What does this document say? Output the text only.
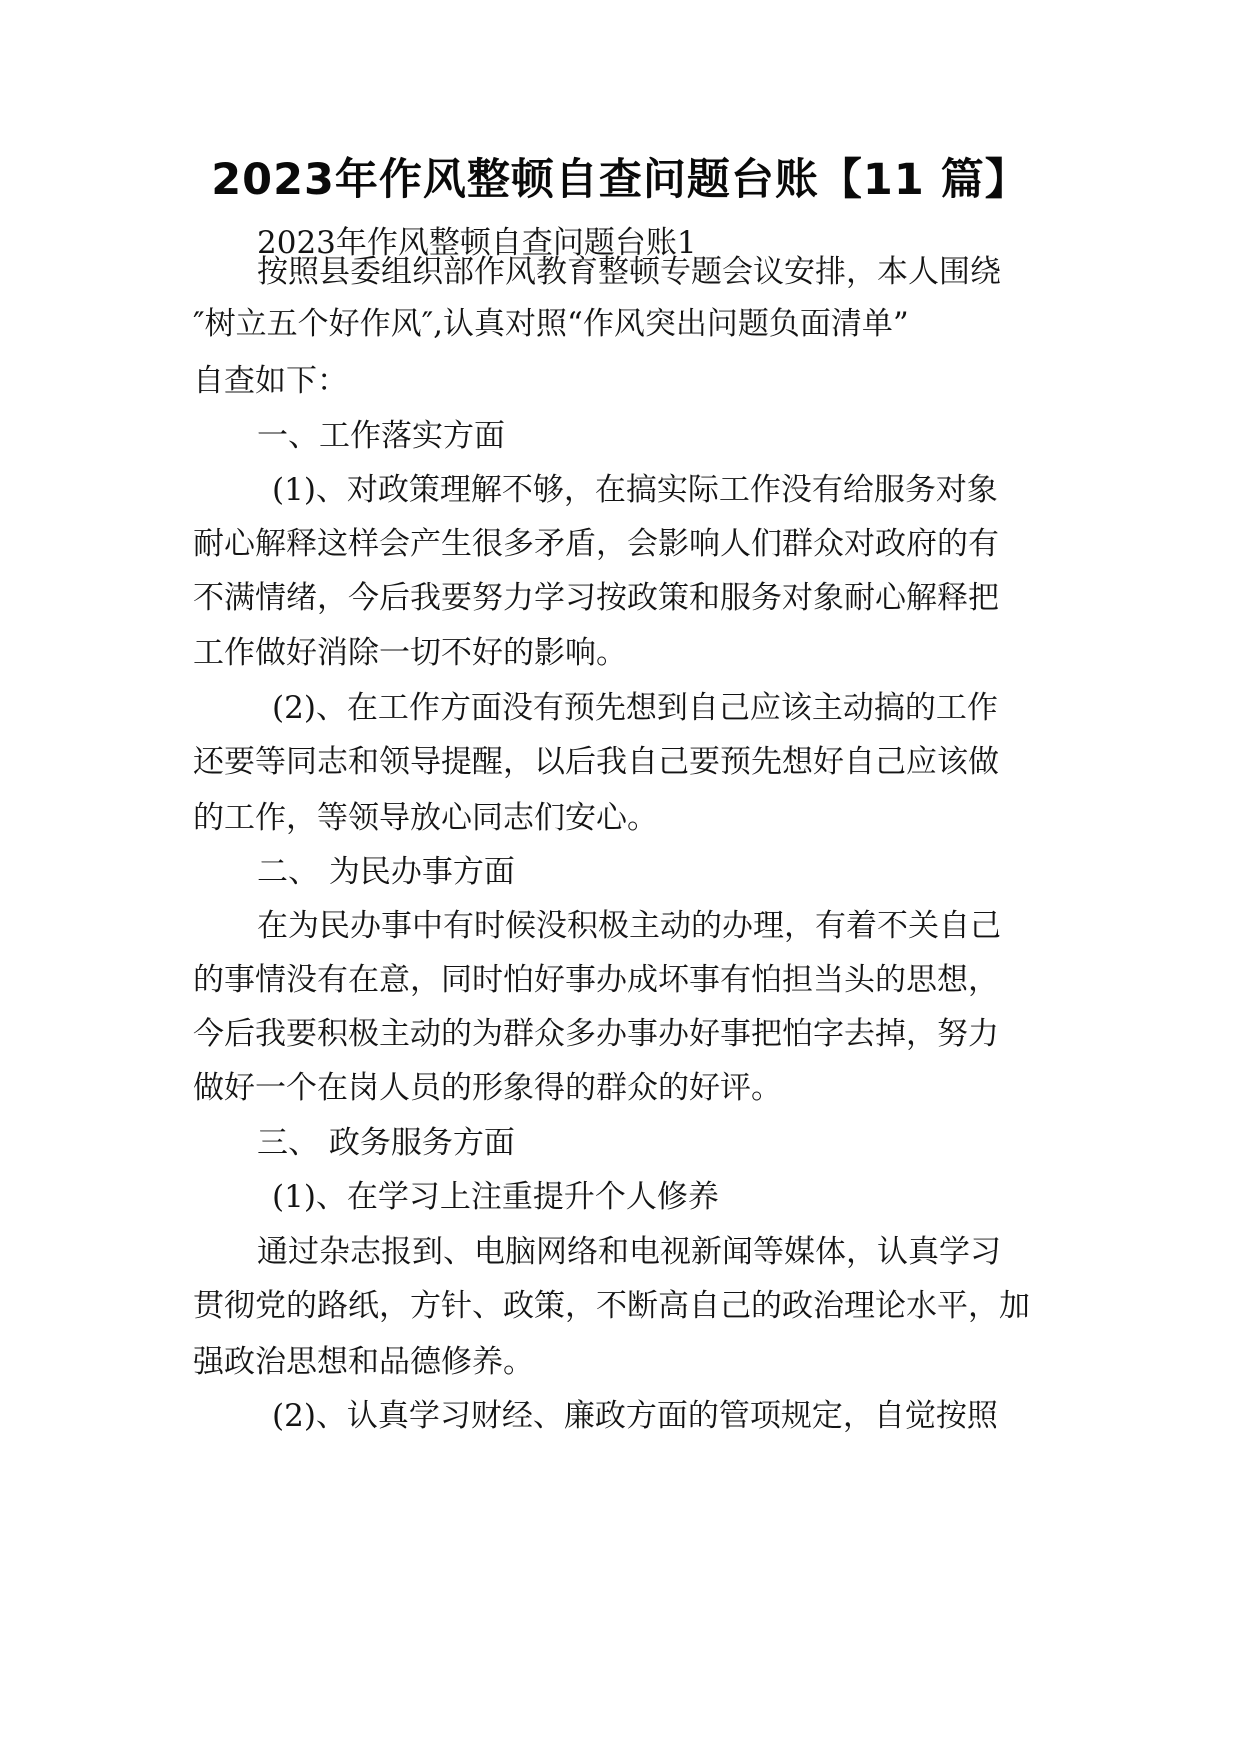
2023年作风整顿自查问题台账【11 篇】
2023年作风整顿自查问题台账1
按照县委组织部作风教育整顿专题会议安排，本人围绕
″树立五个好作风″,认真对照“作风突出问题负面清单”
自查如下：
一、工作落实方面
(1)、对政策理解不够，在搞实际工作没有给服务对象
耐心解释这样会产生很多矛盾，会影响人们群众对政府的有
不满情绪，今后我要努力学习按政策和服务对象耐心解释把
工作做好消除一切不好的影响。
(2)、在工作方面没有预先想到自己应该主动搞的工作
还要等同志和领导提醒，以后我自己要预先想好自己应该做
的工作，等领导放心同志们安心。
二、 为民办事方面
在为民办事中有时候没积极主动的办理，有着不关自己
的事情没有在意，同时怕好事办成坏事有怕担当头的思想，
今后我要积极主动的为群众多办事办好事把怕字去掉，努力
做好一个在岗人员的形象得的群众的好评。
三、 政务服务方面
(1)、在学习上注重提升个人修养
通过杂志报到、电脑网络和电视新闻等媒体，认真学习
贯彻党的路纸，方针、政策，不断高自己的政治理论水平，加
强政治思想和品德修养。
(2)、认真学习财经、廉政方面的管项规定，自觉按照
